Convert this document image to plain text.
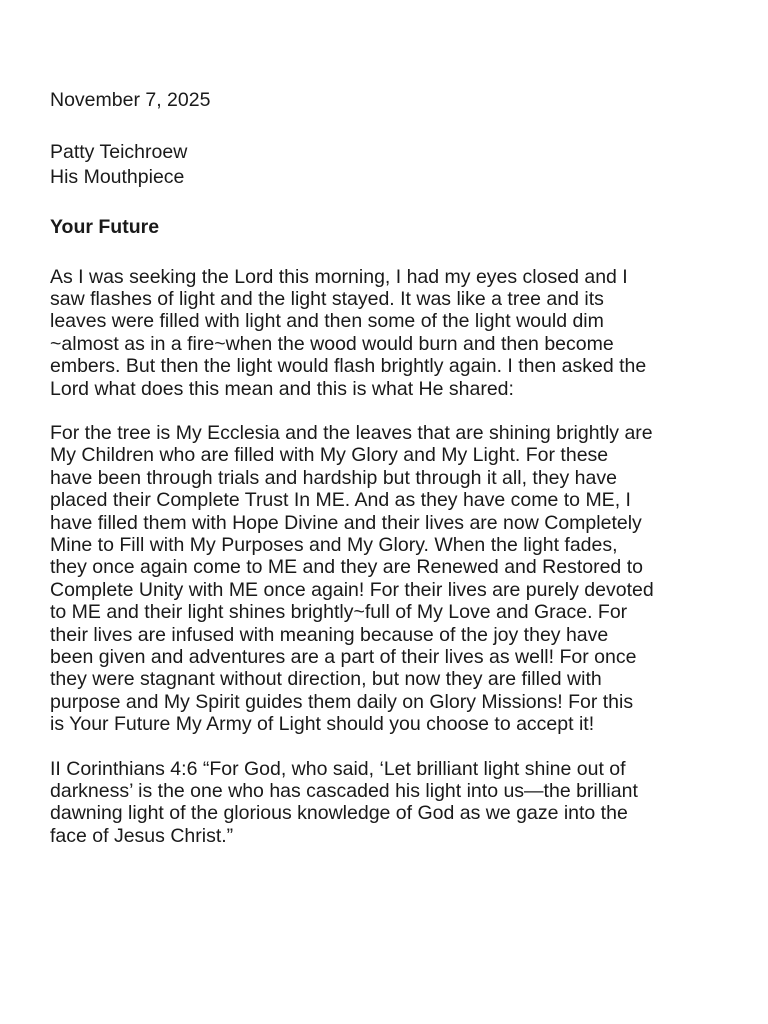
November 7, 2025

Patty Teichroew

His Mouthpiece

Your Future
As I was seeking the Lord this morning, I had my eyes closed and I
saw flashes of light and the light stayed. It was like a tree and its
leaves were filled with light and then some of the light would dim
~almost as in a fire~when the wood would burn and then become
embers. But then the light would flash brightly again. I then asked the
Lord what does this mean and this is what He shared:
For the tree is My Ecclesia and the leaves that are shining brightly are
My Children who are filled with My Glory and My Light. For these
have been through trials and hardship but through it all, they have
placed their Complete Trust In ME. And as they have come to ME, I
have filled them with Hope Divine and their lives are now Completely
Mine to Fill with My Purposes and My Glory. When the light fades,
they once again come to ME and they are Renewed and Restored to
Complete Unity with ME once again! For their lives are purely devoted
to ME and their light shines brightly~full of My Love and Grace. For
their lives are infused with meaning because of the joy they have
been given and adventures are a part of their lives as well! For once
they were stagnant without direction, but now they are filled with
purpose and My Spirit guides them daily on Glory Missions! For this
is Your Future My Army of Light should you choose to accept it!
II Corinthians 4:6 “For God, who said, ‘Let brilliant light shine out of
darkness’ is the one who has cascaded his light into us—the brilliant
dawning light of the glorious knowledge of God as we gaze into the
face of Jesus Christ.”
